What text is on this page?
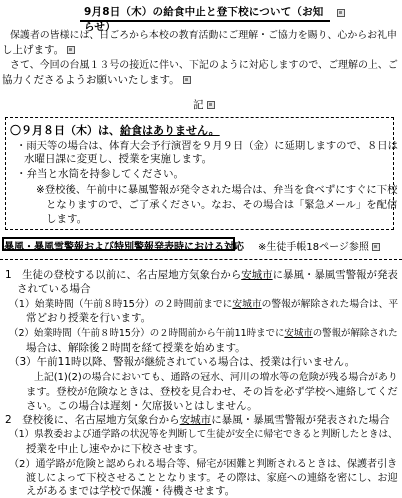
9月8日（木）の給食中止と登下校について（お知らせ）
保護者の皆様には、日ごろから本校の教育活動にご理解・ご協力を賜り、心からお礼申
し上げます。
さて、今回の台風１３号の接近に伴い、下記のように対応しますので、ご理解の上、ご
協力くださるようお願いいたします。
記
〇９月８日（木）は、給食はありません。
・雨天等の場合は、体育大会予行演習を９月９日（金）に延期しますので、８日は
水曜日課に変更し、授業を実施します。
・弁当と水筒を持参してください。
※登校後、午前中に暴風警報が発令された場合は、弁当を食べずにすぐに下校
となりますので、ご了承ください。なお、その場合は「緊急メール」を配信
します。
暴風・暴風雪警報および特別警報発表時における対応 ※生徒手帳18ページ参照
1　生徒の登校する以前に、名古屋地方気象台から安城市に暴風・暴風雪警報が発表
されている場合
（1）始業時間（午前８時15分）の２時間前までに安城市の警報が解除された場合は、平
常どおり授業を行います。
（2）始業時間（午前８時15分）の２時間前から午前11時までに安城市の警報が解除された
場合は、解除後２時間を経て授業を始めます。
（3）午前11時以降、警報が継続されている場合は、授業は行いません。
上記(1)(2)の場合においても、通路の冠水、河川の増水等の危険が残る場合があり
ます。登校が危険なときは、登校を見合わせ、その旨を必ず学校へ連絡してくだ
さい。この場合は遅刻・欠席扱いとはしません。
2　登校後に、名古屋地方気象台から安城市に暴風・暴風雪警報が発表された場合
（1）県教委および通学路の状況等を判断して生徒が安全に帰宅できると判断したときは、
授業を中止し速やかに下校させます。
（2）通学路が危険と認められる場合等、帰宅が困難と判断されるときは、保護者引き
渡しによって下校させることとなります。その際は、家庭への連絡を密にし、お迎
えがあるまでは学校で保護・待機させます。
